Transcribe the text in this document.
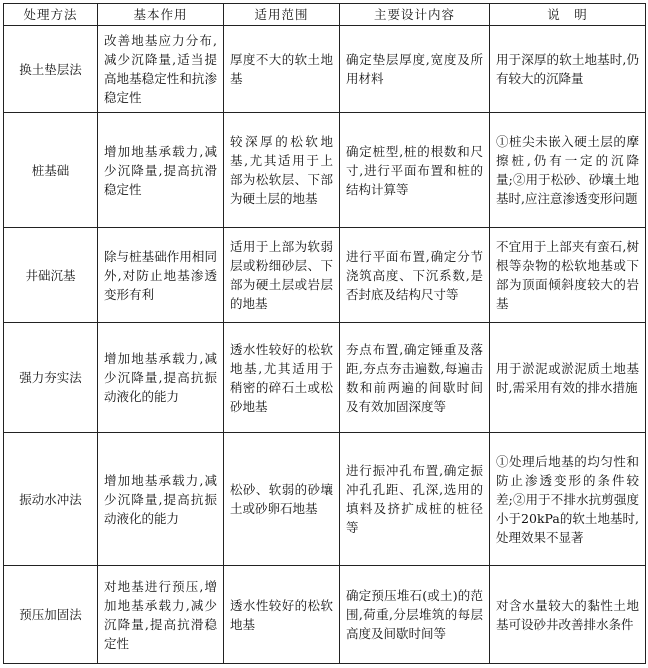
处理方法	基本作用	适用范围	主要设计内容	说　明
换土垫层法	改善地基应力分布,减少沉降量,适当提高地基稳定性和抗渗稳定性	厚度不大的软土地基	确定垫层厚度,宽度及所用材料	用于深厚的软土地基时,仍有较大的沉降量
桩基础	增加地基承载力,减少沉降量,提高抗滑稳定性	较深厚的松软地基,尤其适用于上部为松软层、下部为硬土层的地基	确定桩型,桩的根数和尺寸,进行平面布置和桩的结构计算等	①桩尖未嵌入硬土层的摩擦桩,仍有一定的沉降量;②用于松砂、砂壤土地基时,应注意渗透变形问题
井础沉基	除与桩基础作用相同外,对防止地基渗透变形有利	适用于上部为软弱层或粉细砂层、下部为硬土层或岩层的地基	进行平面布置,确定分节浇筑高度、下沉系数,是否封底及结构尺寸等	不宜用于上部夹有蛮石,树根等杂物的松软地基或下部为顶面倾斜度较大的岩基
强力夯实法	增加地基承载力,减少沉降量,提高抗振动液化的能力	透水性较好的松软地基,尤其适用于稍密的碎石土或松砂地基	夯点布置,确定锤重及落距,夯点夯击遍数,每遍击数和前两遍的间歇时间及有效加固深度等	用于淤泥或淤泥质土地基时,需采用有效的排水措施
振动水冲法	增加地基承载力,减少沉降量,提高抗振动液化的能力	松砂、软弱的砂壤土或砂卵石地基	进行振冲孔布置,确定振冲孔孔距、孔深,选用的填料及挤扩成桩的桩径等	①处理后地基的均匀性和防止渗透变形的条件较差;②用于不排水抗剪强度小于20kPa的软土地基时,处理效果不显著
预压加固法	对地基进行预压,增加地基承载力,减少沉降量,提高抗滑稳定性	透水性较好的松软地基	确定预压堆石(或土)的范围,荷重,分层堆筑的每层高度及间歇时间等	对含水量较大的黏性土地基可设砂井改善排水条件
